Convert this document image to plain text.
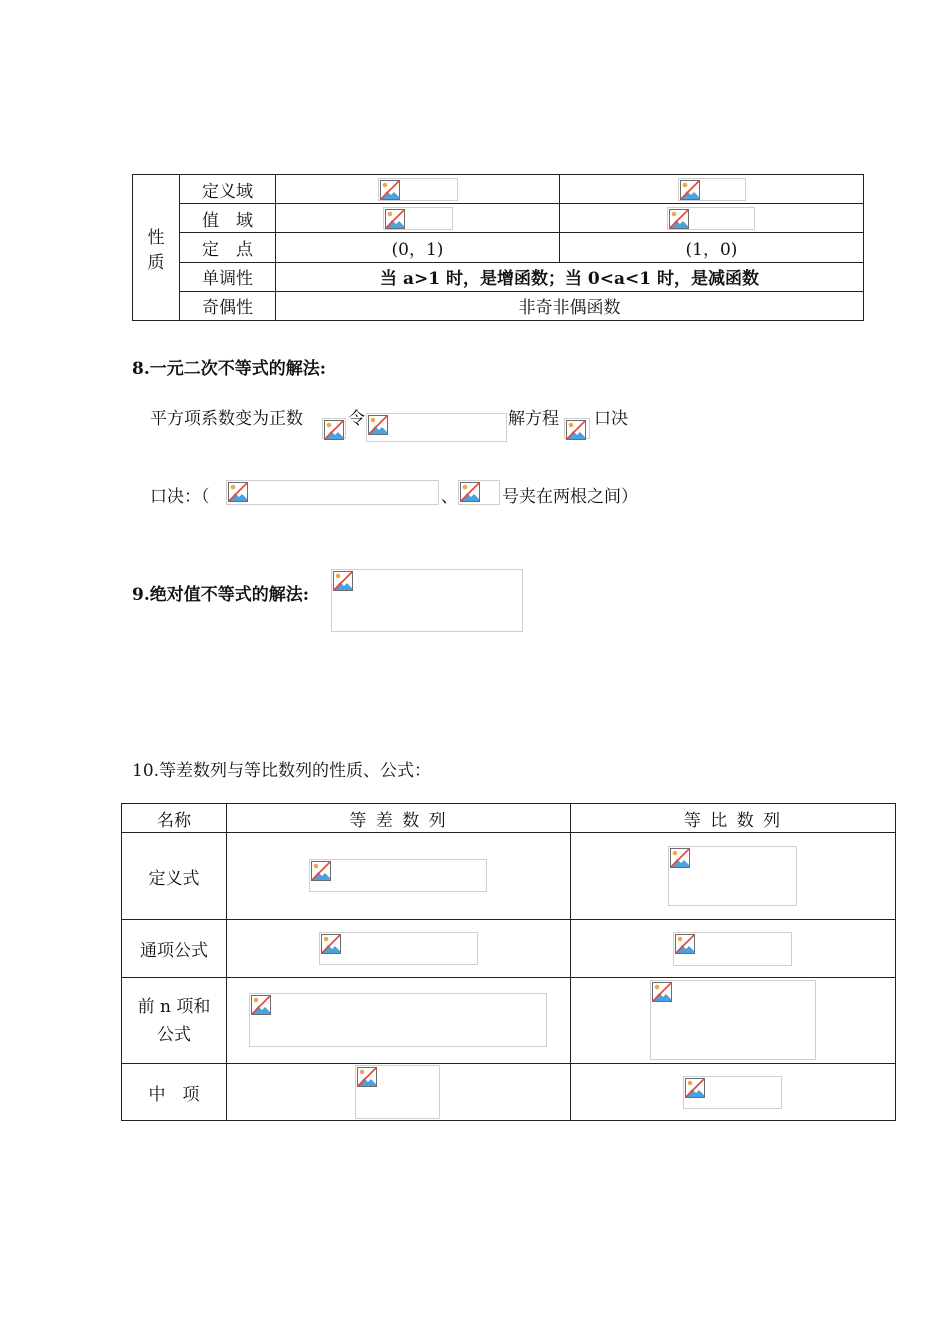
性
质	定义域	

	值　域	

	定　点	(0，1)	(1，0)
	单调性	当 a>1 时，是增函数；当 0<a<1 时，是减函数	
	奇偶性	非奇非偶函数	
8.一元二次不等式的解法:
平方项系数变为正数	令	解方程 口决
口决：（	、	号夹在两根之间）
9.绝对值不等式的解法:
10.等差数列与等比数列的性质、公式：
名称	等 差 数 列	等 比 数 列
定义式	

通项公式	

前 n 项和
公式

中　项	
